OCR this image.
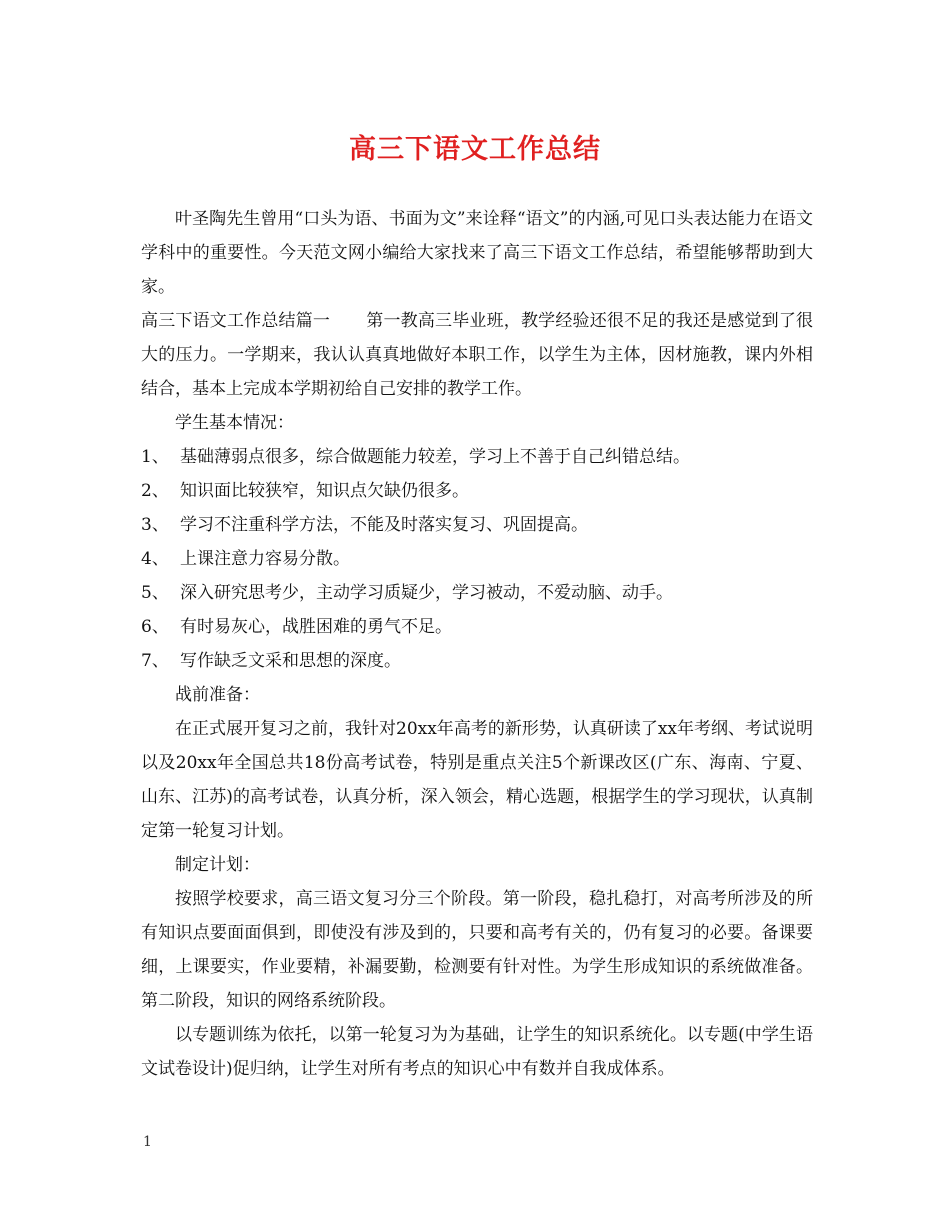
高三下语文工作总结

叶圣陶先生曾用“口头为语、书面为文”来诠释“语文”的内涵,可见口头表达能力在语文学科中的重要性。今天范文网小编给大家找来了高三下语文工作总结，希望能够帮助到大家。

高三下语文工作总结篇一 第一教高三毕业班，教学经验还很不足的我还是感觉到了很大的压力。一学期来，我认认真真地做好本职工作，以学生为主体，因材施教，课内外相结合，基本上完成本学期初给自己安排的教学工作。

学生基本情况：

1、 基础薄弱点很多，综合做题能力较差，学习上不善于自己纠错总结。

2、 知识面比较狭窄，知识点欠缺仍很多。

3、 学习不注重科学方法，不能及时落实复习、巩固提高。

4、 上课注意力容易分散。

5、 深入研究思考少，主动学习质疑少，学习被动，不爱动脑、动手。

6、 有时易灰心，战胜困难的勇气不足。

7、 写作缺乏文采和思想的深度。

战前准备：

在正式展开复习之前，我针对20xx年高考的新形势，认真研读了xx年考纲、考试说明以及20xx年全国总共18份高考试卷，特别是重点关注5个新课改区(广东、海南、宁夏、山东、江苏)的高考试卷，认真分析，深入领会，精心选题，根据学生的学习现状，认真制定第一轮复习计划。

制定计划：

按照学校要求，高三语文复习分三个阶段。第一阶段，稳扎稳打，对高考所涉及的所有知识点要面面俱到，即使没有涉及到的，只要和高考有关的，仍有复习的必要。备课要细，上课要实，作业要精，补漏要勤，检测要有针对性。为学生形成知识的系统做准备。第二阶段，知识的网络系统阶段。

以专题训练为依托，以第一轮复习为为基础，让学生的知识系统化。以专题(中学生语文试卷设计)促归纳，让学生对所有考点的知识心中有数并自我成体系。

1
